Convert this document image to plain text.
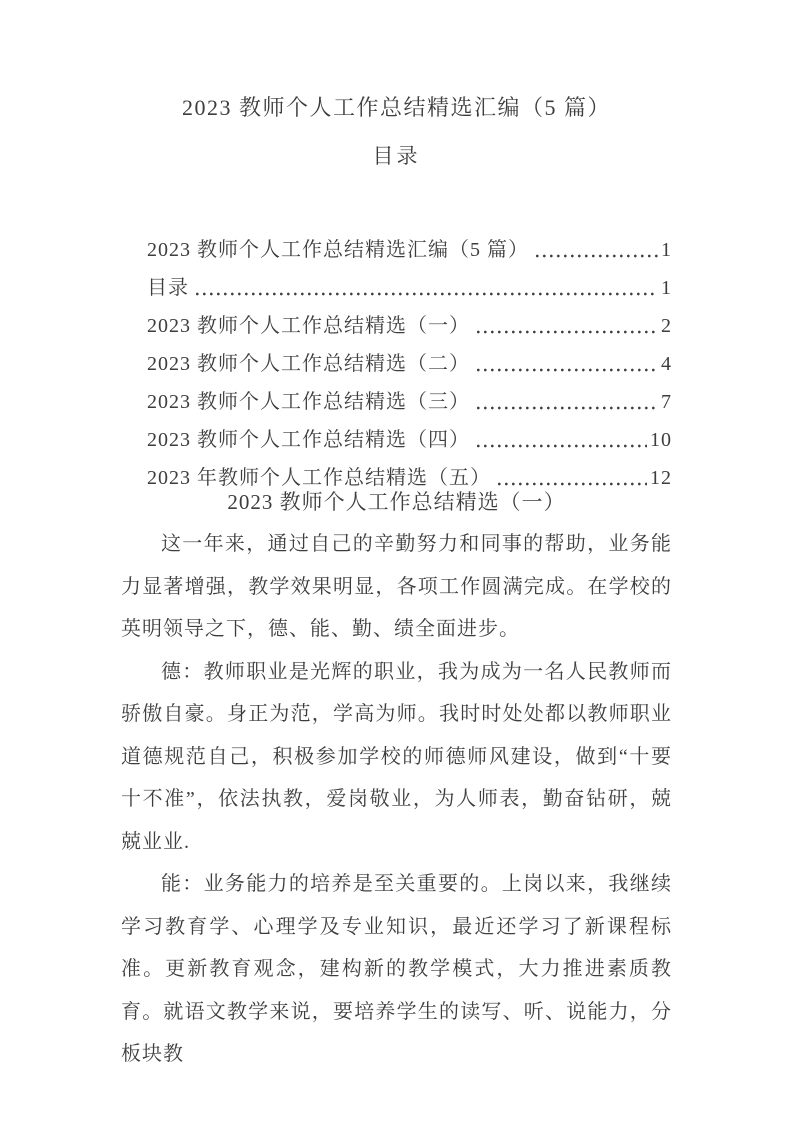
2023 教师个人工作总结精选汇编（5 篇）
目录
2023 教师个人工作总结精选汇编（5 篇）	1
目录	1
2023 教师个人工作总结精选（一）	2
2023 教师个人工作总结精选（二）	4
2023 教师个人工作总结精选（三）	7
2023 教师个人工作总结精选（四）	10
2023 年教师个人工作总结精选（五）	12
2023 教师个人工作总结精选（一）

这一年来，通过自己的辛勤努力和同事的帮助，业务能力显著增强，教学效果明显，各项工作圆满完成。在学校的英明领导之下，德、能、勤、绩全面进步。

德：教师职业是光辉的职业，我为成为一名人民教师而骄傲自豪。身正为范，学高为师。我时时处处都以教师职业道德规范自己，积极参加学校的师德师风建设，做到“十要十不准”，依法执教，爱岗敬业，为人师表，勤奋钻研，兢兢业业.

能：业务能力的培养是至关重要的。上岗以来，我继续学习教育学、心理学及专业知识，最近还学习了新课程标准。更新教育观念，建构新的教学模式，大力推进素质教育。就语文教学来说，要培养学生的读写、听、说能力，分板块教
